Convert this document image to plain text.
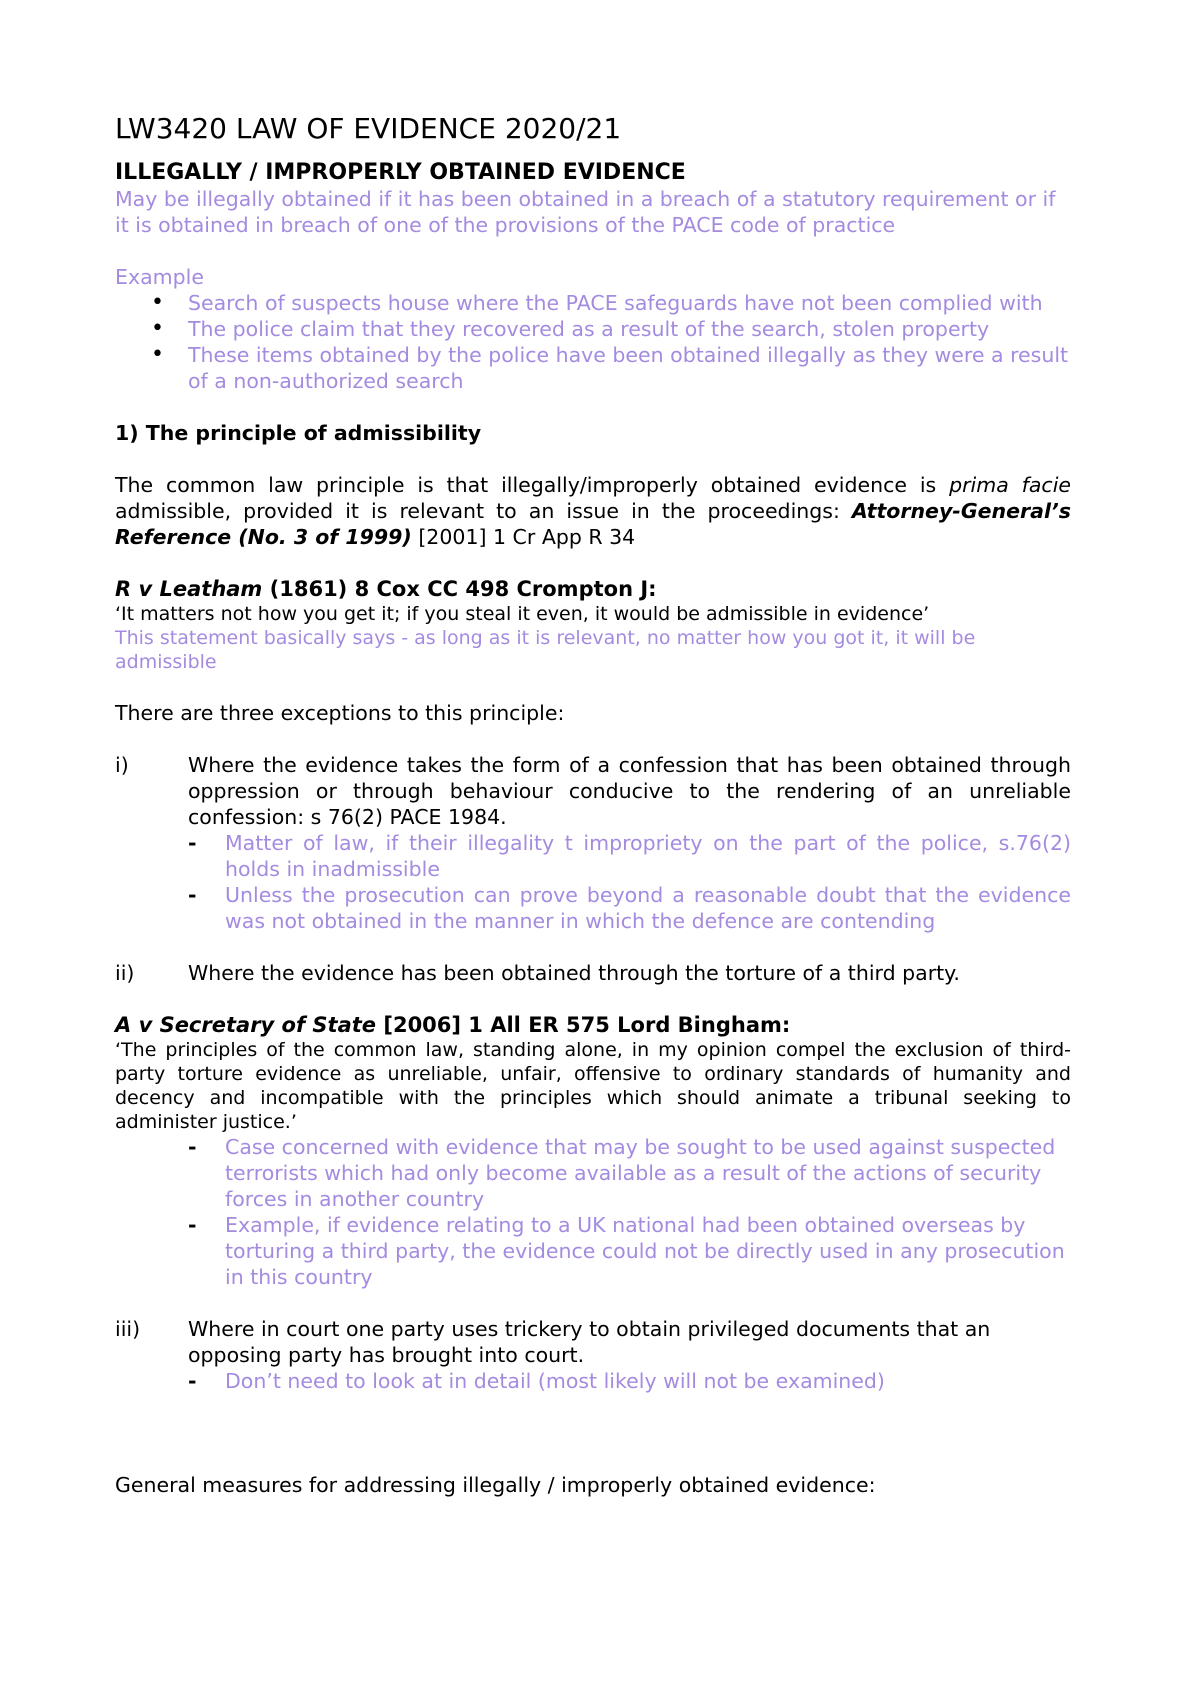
LW3420 LAW OF EVIDENCE 2020/21
ILLEGALLY / IMPROPERLY OBTAINED EVIDENCE
May be illegally obtained if it has been obtained in a breach of a statutory requirement or if it is obtained in breach of one of the provisions of the PACE code of practice
Example
• Search of suspects house where the PACE safeguards have not been complied with
• The police claim that they recovered as a result of the search, stolen property
• These items obtained by the police have been obtained illegally as they were a result of a non-authorized search
1) The principle of admissibility
The common law principle is that illegally/improperly obtained evidence is prima facie admissible, provided it is relevant to an issue in the proceedings: Attorney-General’s Reference (No. 3 of 1999) [2001] 1 Cr App R 34
R v Leatham (1861) 8 Cox CC 498 Crompton J:
‘It matters not how you get it; if you steal it even, it would be admissible in evidence’
This statement basically says - as long as it is relevant, no matter how you got it, it will be admissible
There are three exceptions to this principle:
i)	Where the evidence takes the form of a confession that has been obtained through oppression or through behaviour conducive to the rendering of an unreliable confession: s 76(2) PACE 1984.
- Matter of law, if their illegality t impropriety on the part of the police, s.76(2) holds in inadmissible
- Unless the prosecution can prove beyond a reasonable doubt that the evidence was not obtained in the manner in which the defence are contending
ii)	Where the evidence has been obtained through the torture of a third party.
A v Secretary of State [2006] 1 All ER 575 Lord Bingham:
‘The principles of the common law, standing alone, in my opinion compel the exclusion of third-party torture evidence as unreliable, unfair, offensive to ordinary standards of humanity and decency and incompatible with the principles which should animate a tribunal seeking to administer justice.’
- Case concerned with evidence that may be sought to be used against suspected terrorists which had only become available as a result of the actions of security forces in another country
- Example, if evidence relating to a UK national had been obtained overseas by torturing a third party, the evidence could not be directly used in any prosecution in this country
iii) Where in court one party uses trickery to obtain privileged documents that an opposing party has brought into court.
- Don’t need to look at in detail (most likely will not be examined)
General measures for addressing illegally / improperly obtained evidence:
